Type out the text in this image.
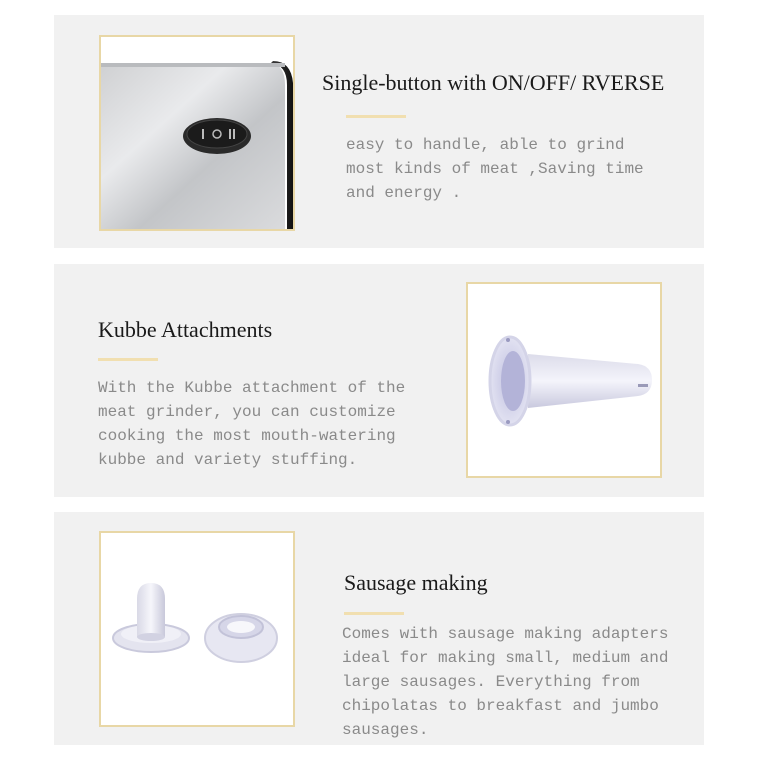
Single-button with ON/OFF/ RVERSE
easy to handle, able to grind
most kinds of meat ,Saving time
and energy .
Kubbe Attachments
With the Kubbe attachment of the
meat grinder, you can customize
cooking the most mouth-watering
kubbe and variety stuffing.
Sausage making
Comes with sausage making adapters
ideal for making small, medium and
large sausages. Everything from
chipolatas to breakfast and jumbo
sausages.
